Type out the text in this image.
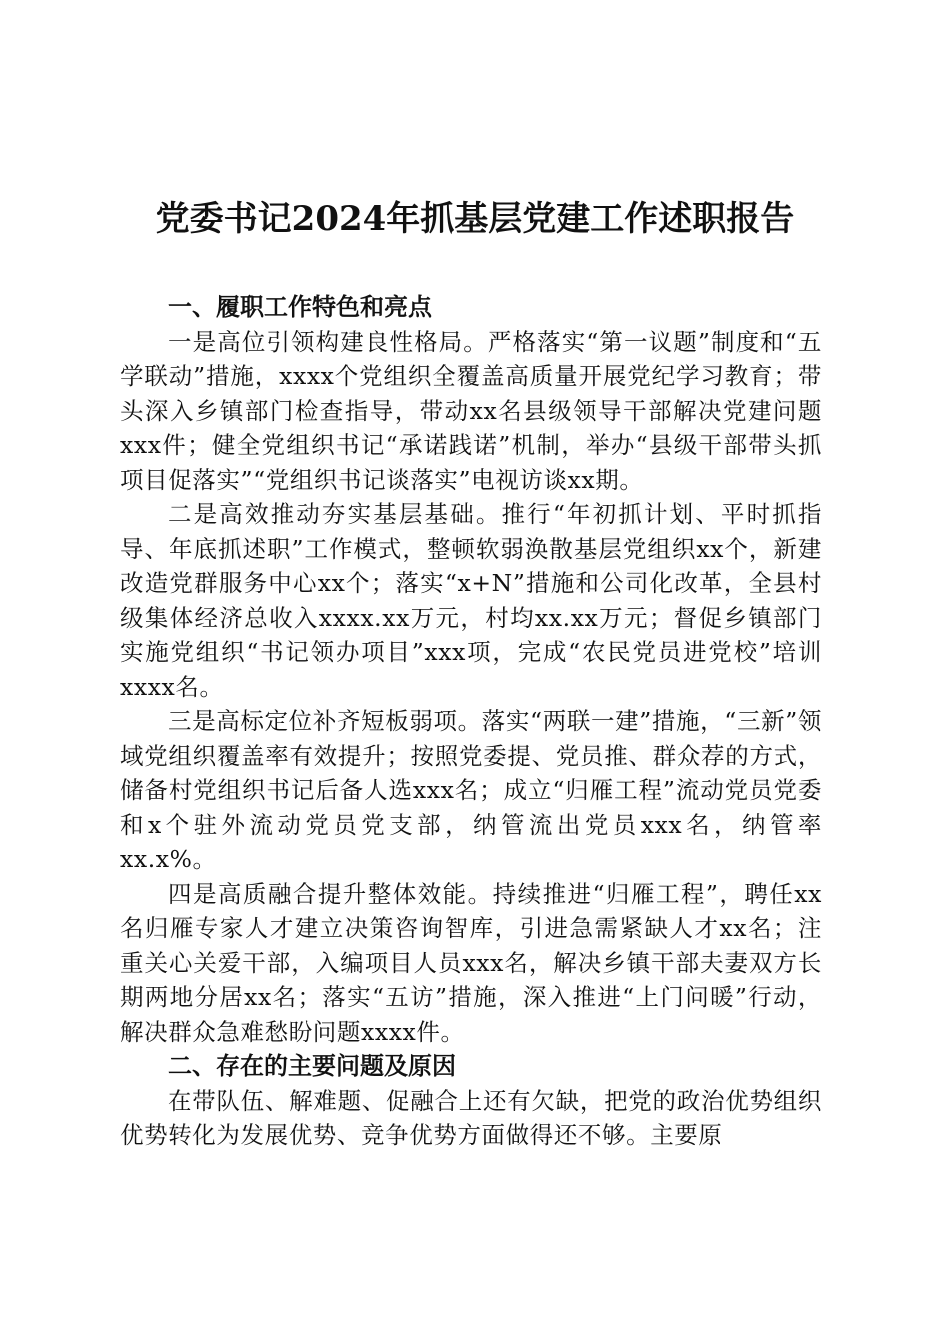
党委书记2024年抓基层党建工作述职报告
一、履职工作特色和亮点

一是高位引领构建良性格局。严格落实“第一议题”制度和“五学联动”措施，xxxx个党组织全覆盖高质量开展党纪学习教育；带头深入乡镇部门检查指导，带动xx名县级领导干部解决党建问题xxx件；健全党组织书记“承诺践诺”机制，举办“县级干部带头抓项目促落实”“党组织书记谈落实”电视访谈xx期。

二是高效推动夯实基层基础。推行“年初抓计划、平时抓指导、年底抓述职”工作模式，整顿软弱涣散基层党组织xx个，新建改造党群服务中心xx个；落实“x+N”措施和公司化改革，全县村级集体经济总收入xxxx.xx万元，村均xx.xx万元；督促乡镇部门实施党组织“书记领办项目”xxx项，完成“农民党员进党校”培训xxxx名。

三是高标定位补齐短板弱项。落实“两联一建”措施，“三新”领域党组织覆盖率有效提升；按照党委提、党员推、群众荐的方式，储备村党组织书记后备人选xxx名；成立“归雁工程”流动党员党委和x个驻外流动党员党支部，纳管流出党员xxx名，纳管率xx.x%。

四是高质融合提升整体效能。持续推进“归雁工程”，聘任xx名归雁专家人才建立决策咨询智库，引进急需紧缺人才xx名；注重关心关爱干部，入编项目人员xxx名，解决乡镇干部夫妻双方长期两地分居xx名；落实“五访”措施，深入推进“上门问暖”行动，解决群众急难愁盼问题xxxx件。

二、存在的主要问题及原因

在带队伍、解难题、促融合上还有欠缺，把党的政治优势组织优势转化为发展优势、竞争优势方面做得还不够。主要原
